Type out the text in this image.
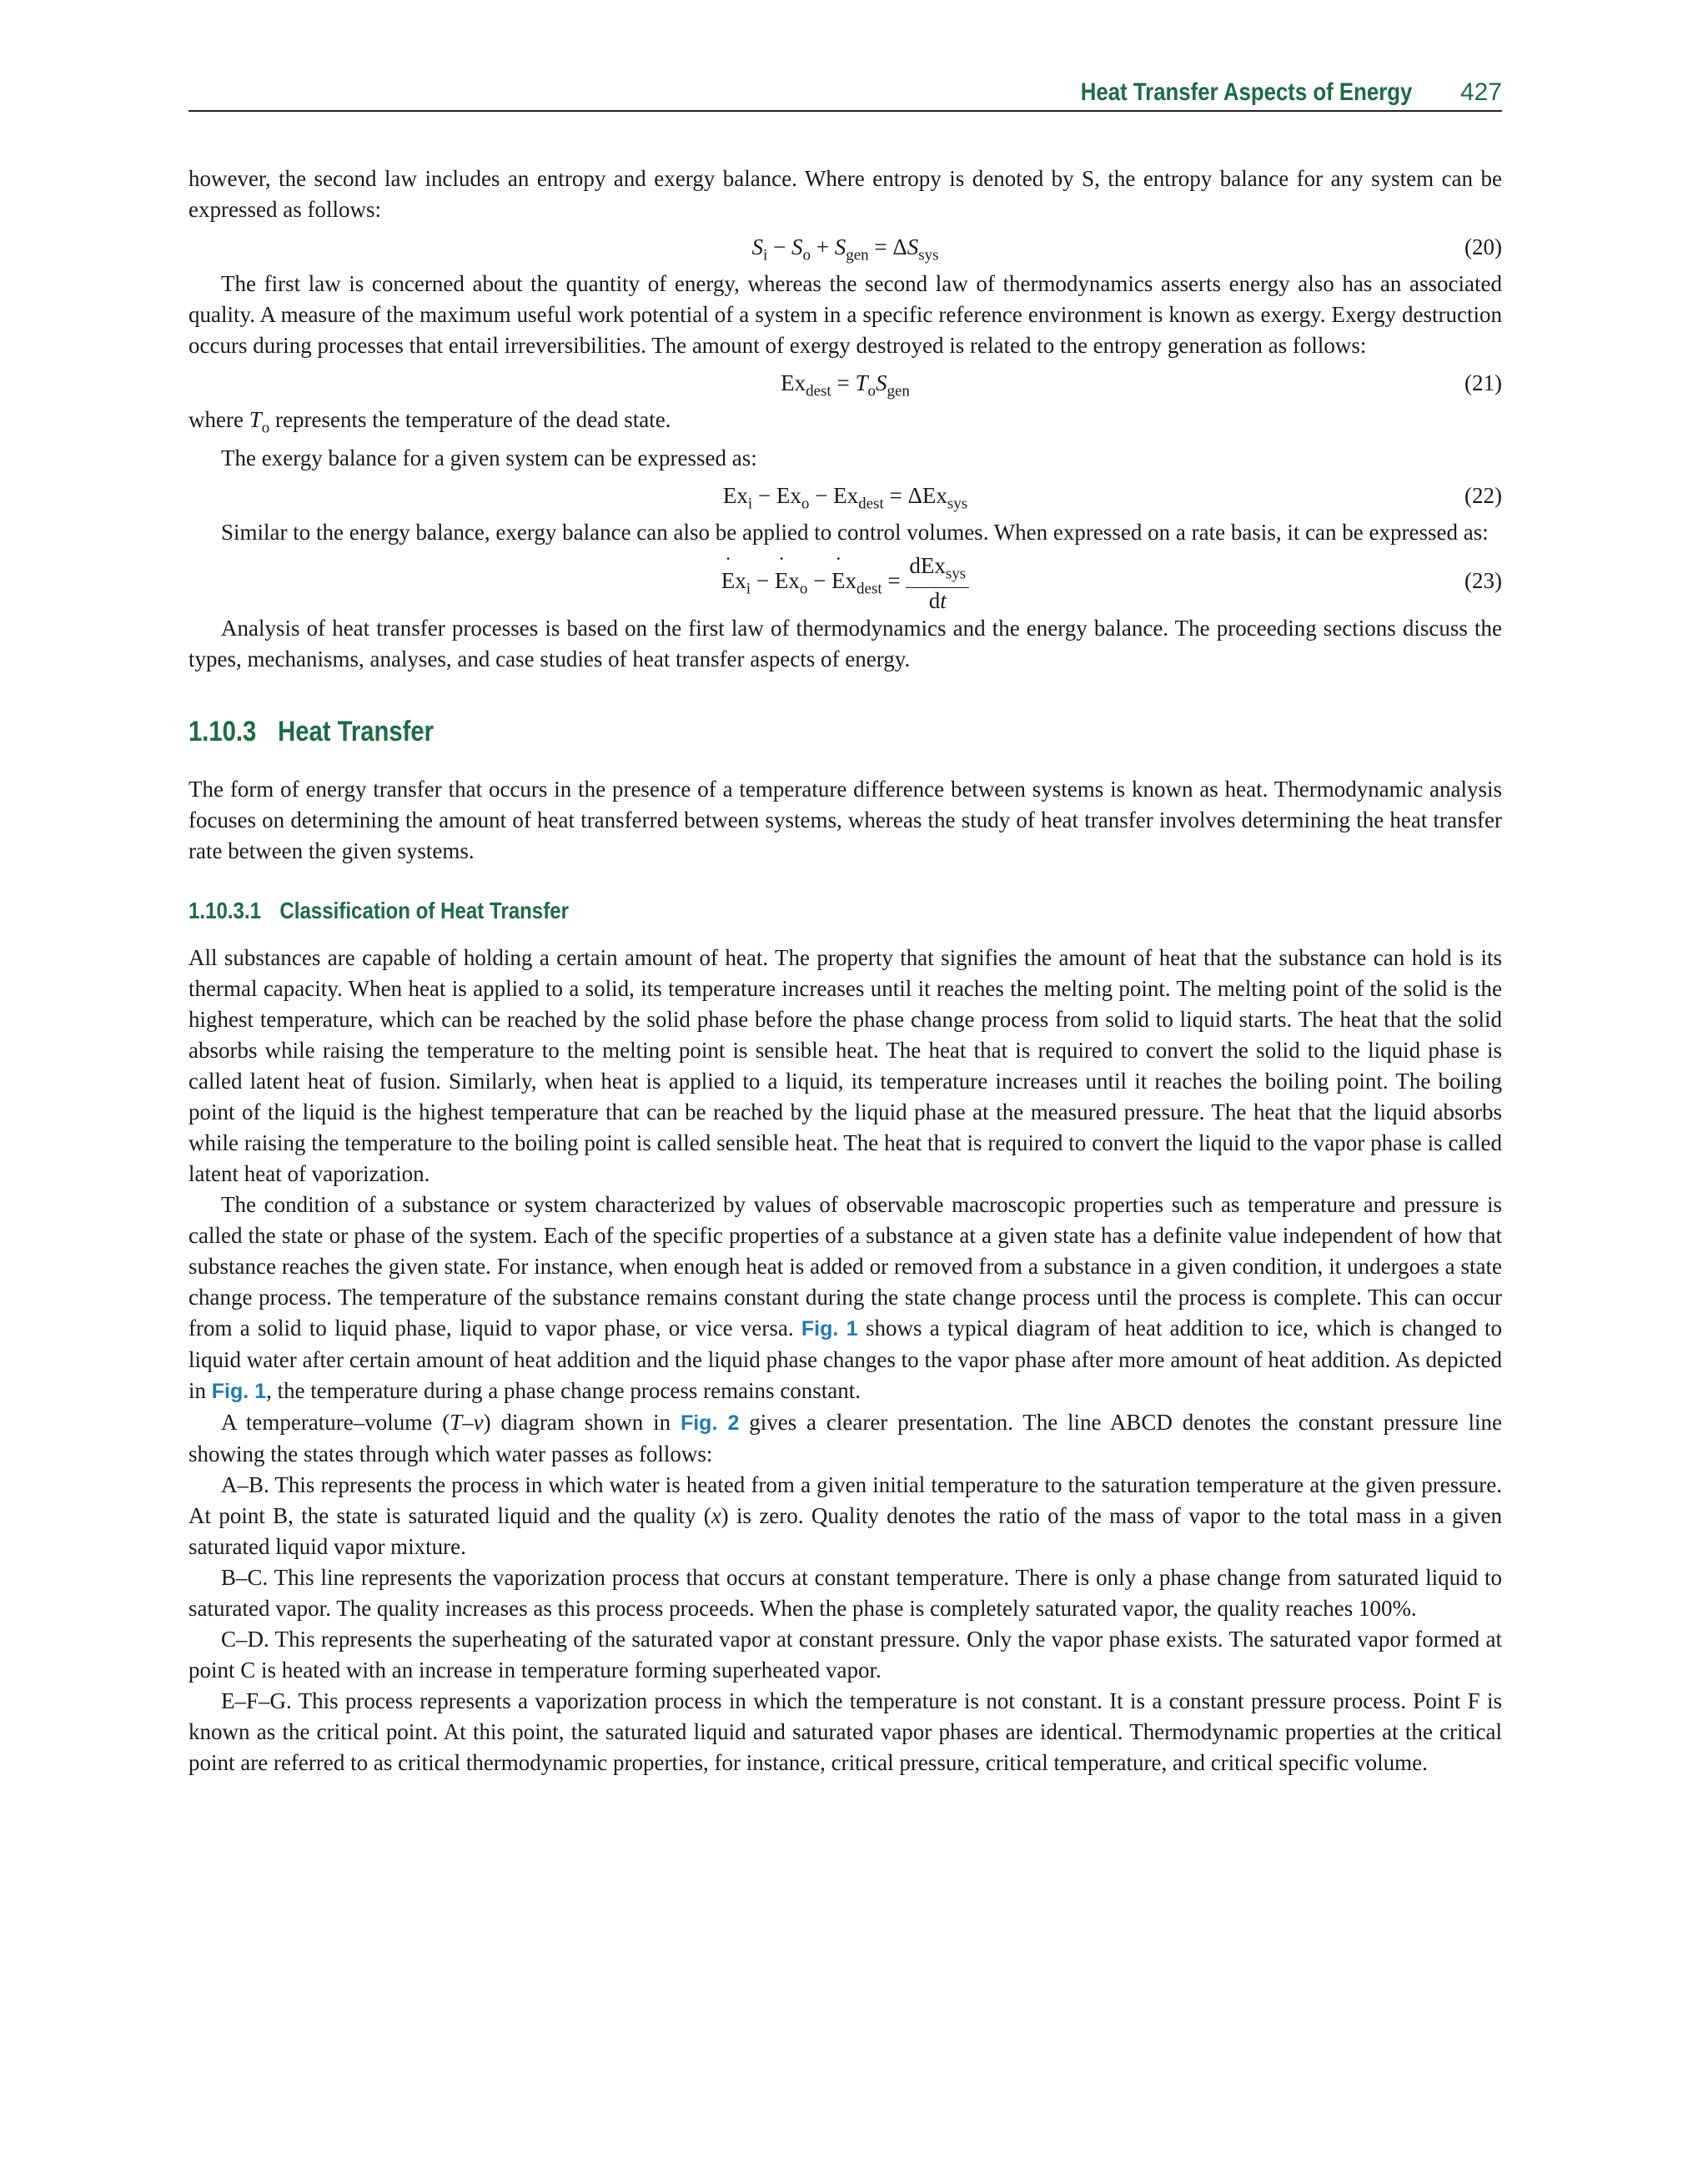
Heat Transfer Aspects of Energy 427

however, the second law includes an entropy and exergy balance. Where entropy is denoted by S, the entropy balance for any system can be expressed as follows:

$S_i - S_o + S_{gen} = \Delta S_{sys}$	(20)

The first law is concerned about the quantity of energy, whereas the second law of thermodynamics asserts energy also has an associated quality. A measure of the maximum useful work potential of a system in a specific reference environment is known as exergy. Exergy destruction occurs during processes that entail irreversibilities. The amount of exergy destroyed is related to the entropy generation as follows:

$Ex_{dest} = T_oS_{gen}$	(21)

where $T_o$ represents the temperature of the dead state.

The exergy balance for a given system can be expressed as:

$Ex_i - Ex_o - Ex_{dest} = \Delta Ex_{sys}$	(22)

Similar to the energy balance, exergy balance can also be applied to control volumes. When expressed on a rate basis, it can be expressed as:

˙ $Ex_i$ − ˙ $Ex_o$ − ˙ $Ex_{dest}$ =
dEx$_{sys}$
dt
(23)

Analysis of heat transfer processes is based on the first law of thermodynamics and the energy balance. The proceeding sections discuss the types, mechanisms, analyses, and case studies of heat transfer aspects of energy.

1.10.3 Heat Transfer

The form of energy transfer that occurs in the presence of a temperature difference between systems is known as heat. Thermodynamic analysis focuses on determining the amount of heat transferred between systems, whereas the study of heat transfer involves determining the heat transfer rate between the given systems.

1.10.3.1 Classification of Heat Transfer

All substances are capable of holding a certain amount of heat. The property that signifies the amount of heat that the substance can hold is its thermal capacity. When heat is applied to a solid, its temperature increases until it reaches the melting point. The melting point of the solid is the highest temperature, which can be reached by the solid phase before the phase change process from solid to liquid starts. The heat that the solid absorbs while raising the temperature to the melting point is sensible heat. The heat that is required to convert the solid to the liquid phase is called latent heat of fusion. Similarly, when heat is applied to a liquid, its temperature increases until it reaches the boiling point. The boiling point of the liquid is the highest temperature that can be reached by the liquid phase at the measured pressure. The heat that the liquid absorbs while raising the temperature to the boiling point is called sensible heat. The heat that is required to convert the liquid to the vapor phase is called latent heat of vaporization.

The condition of a substance or system characterized by values of observable macroscopic properties such as temperature and pressure is called the state or phase of the system. Each of the specific properties of a substance at a given state has a definite value independent of how that substance reaches the given state. For instance, when enough heat is added or removed from a substance in a given condition, it undergoes a state change process. The temperature of the substance remains constant during the state change process until the process is complete. This can occur from a solid to liquid phase, liquid to vapor phase, or vice versa. Fig. 1 shows a typical diagram of heat addition to ice, which is changed to liquid water after certain amount of heat addition and the liquid phase changes to the vapor phase after more amount of heat addition. As depicted in Fig. 1, the temperature during a phase change process remains constant.

A temperature–volume (T–v) diagram shown in Fig. 2 gives a clearer presentation. The line ABCD denotes the constant pressure line showing the states through which water passes as follows:

A–B. This represents the process in which water is heated from a given initial temperature to the saturation temperature at the given pressure. At point B, the state is saturated liquid and the quality (x) is zero. Quality denotes the ratio of the mass of vapor to the total mass in a given saturated liquid vapor mixture.

B–C. This line represents the vaporization process that occurs at constant temperature. There is only a phase change from saturated liquid to saturated vapor. The quality increases as this process proceeds. When the phase is completely saturated vapor, the quality reaches 100%.

C–D. This represents the superheating of the saturated vapor at constant pressure. Only the vapor phase exists. The saturated vapor formed at point C is heated with an increase in temperature forming superheated vapor.

E–F–G. This process represents a vaporization process in which the temperature is not constant. It is a constant pressure process. Point F is known as the critical point. At this point, the saturated liquid and saturated vapor phases are identical. Thermodynamic properties at the critical point are referred to as critical thermodynamic properties, for instance, critical pressure, critical temperature, and critical specific volume.
